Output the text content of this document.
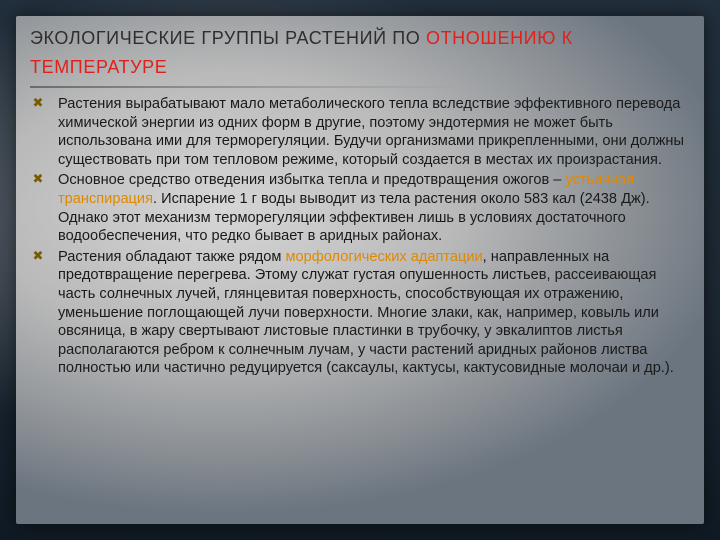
ЭКОЛОГИЧЕСКИЕ ГРУППЫ РАСТЕНИЙ ПО ОТНОШЕНИЮ К ТЕМПЕРАТУРЕ
✖ Растения вырабатывают мало метаболического тепла вследствие эффективного перевода химической энергии из одних форм в другие, поэтому эндотермия не может быть использована ими для терморегуляции. Будучи организмами прикрепленными, они должны существовать при том тепловом режиме, который создается в местах их произрастания.
✖ Основное средство отведения избытка тепла и предотвращения ожогов – устьичная транспирация. Испарение 1 г воды выводит из тела растения около 583 кал (2438 Дж). Однако этот механизм терморегуляции эффективен лишь в условиях достаточного водообеспечения, что редко бывает в аридных районах.
✖ Растения обладают также рядом морфологических адаптации, направленных на предотвращение перегрева. Этому служат густая опушенность листьев, рассеивающая часть солнечных лучей, глянцевитая поверхность, способствующая их отражению, уменьшение поглощающей лучи поверхности. Многие злаки, как, например, ковыль или овсяница, в жару свертывают листовые пластинки в трубочку, у эвкалиптов листья располагаются ребром к солнечным лучам, у части растений аридных районов листва полностью или частично редуцируется (саксаулы, кактусы, кактусовидные молочаи и др.).
